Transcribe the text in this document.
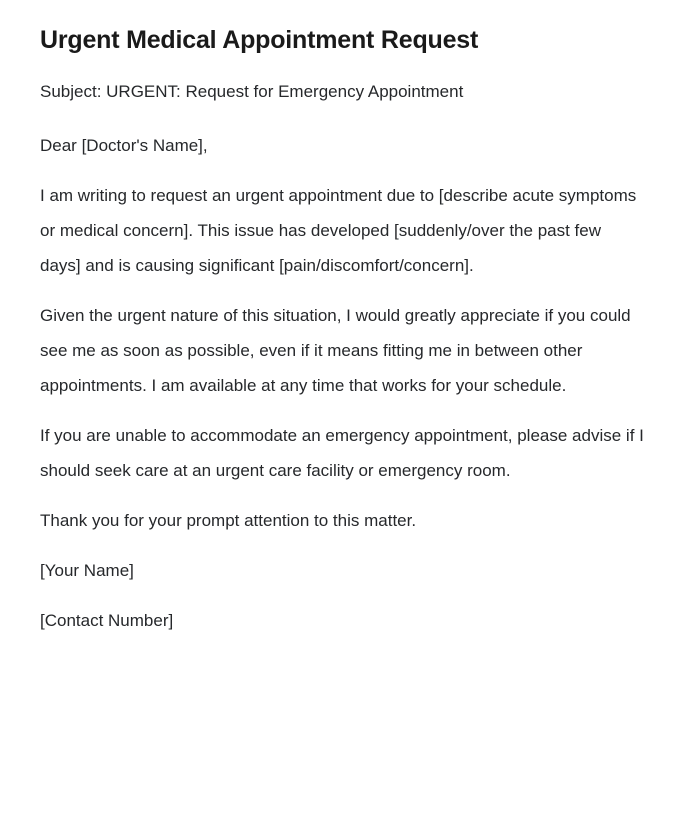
Urgent Medical Appointment Request

Subject: URGENT: Request for Emergency Appointment

Dear [Doctor's Name],

I am writing to request an urgent appointment due to [describe acute symptoms or medical concern]. This issue has developed [suddenly/over the past few days] and is causing significant [pain/discomfort/concern].

Given the urgent nature of this situation, I would greatly appreciate if you could see me as soon as possible, even if it means fitting me in between other appointments. I am available at any time that works for your schedule.

If you are unable to accommodate an emergency appointment, please advise if I should seek care at an urgent care facility or emergency room.

Thank you for your prompt attention to this matter.

[Your Name]

[Contact Number]
